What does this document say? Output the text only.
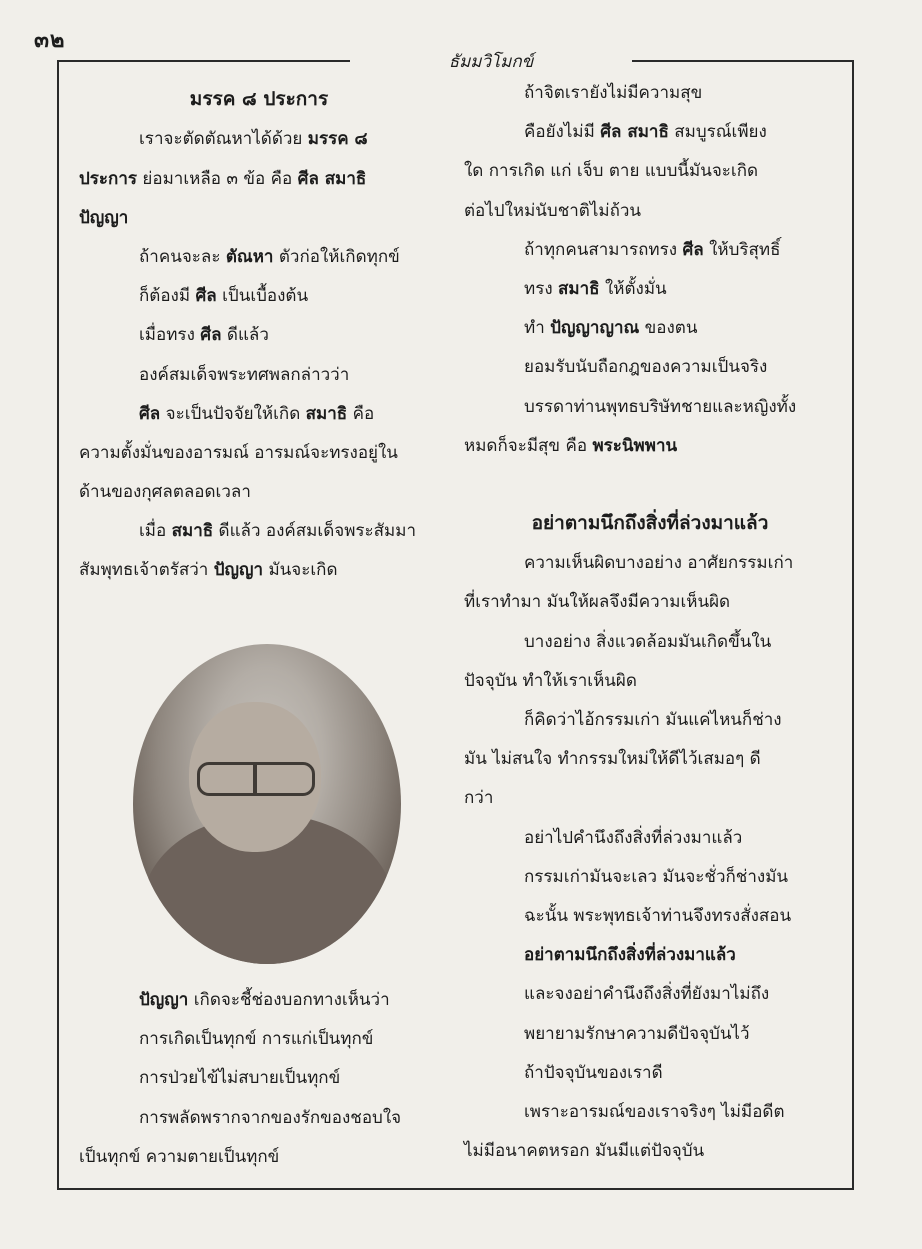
๓๒
ธัมมวิโมกข์
มรรค ๘ ประการ
เราจะตัดตัณหาได้ด้วย มรรค ๘
ประการ ย่อมาเหลือ ๓ ข้อ คือ ศีล สมาธิ
ปัญญา
ถ้าคนจะละ ตัณหา ตัวก่อให้เกิดทุกข์
ก็ต้องมี ศีล เป็นเบื้องต้น
เมื่อทรง ศีล ดีแล้ว
องค์สมเด็จพระทศพลกล่าวว่า
ศีล จะเป็นปัจจัยให้เกิด สมาธิ คือ
ความตั้งมั่นของอารมณ์ อารมณ์จะทรงอยู่ใน
ด้านของกุศลตลอดเวลา
เมื่อ สมาธิ ดีแล้ว องค์สมเด็จพระสัมมา
สัมพุทธเจ้าตรัสว่า ปัญญา มันจะเกิด
ปัญญา เกิดจะชี้ช่องบอกทางเห็นว่า
การเกิดเป็นทุกข์ การแก่เป็นทุกข์
การป่วยไข้ไม่สบายเป็นทุกข์
การพลัดพรากจากของรักของชอบใจ
เป็นทุกข์ ความตายเป็นทุกข์
ถ้าจิตเรายังไม่มีความสุข
คือยังไม่มี ศีล สมาธิ สมบูรณ์เพียง
ใด การเกิด แก่ เจ็บ ตาย แบบนี้มันจะเกิด
ต่อไปใหม่นับชาติไม่ถ้วน
ถ้าทุกคนสามารถทรง ศีล ให้บริสุทธิ์
ทรง สมาธิ ให้ตั้งมั่น
ทำ ปัญญาญาณ ของตน
ยอมรับนับถือกฎของความเป็นจริง
บรรดาท่านพุทธบริษัทชายและหญิงทั้ง
หมดก็จะมีสุข คือ พระนิพพาน
อย่าตามนึกถึงสิ่งที่ล่วงมาแล้ว
ความเห็นผิดบางอย่าง อาศัยกรรมเก่า
ที่เราทำมา มันให้ผลจึงมีความเห็นผิด
บางอย่าง สิ่งแวดล้อมมันเกิดขึ้นใน
ปัจจุบัน ทำให้เราเห็นผิด
ก็คิดว่าไอ้กรรมเก่า มันแค่ไหนก็ช่าง
มัน ไม่สนใจ ทำกรรมใหม่ให้ดีไว้เสมอๆ ดี
กว่า
อย่าไปคำนึงถึงสิ่งที่ล่วงมาแล้ว
กรรมเก่ามันจะเลว มันจะชั่วก็ช่างมัน
ฉะนั้น พระพุทธเจ้าท่านจึงทรงสั่งสอน
อย่าตามนึกถึงสิ่งที่ล่วงมาแล้ว
และจงอย่าคำนึงถึงสิ่งที่ยังมาไม่ถึง
พยายามรักษาความดีปัจจุบันไว้
ถ้าปัจจุบันของเราดี
เพราะอารมณ์ของเราจริงๆ ไม่มีอดีต
ไม่มีอนาคตหรอก มันมีแต่ปัจจุบัน
